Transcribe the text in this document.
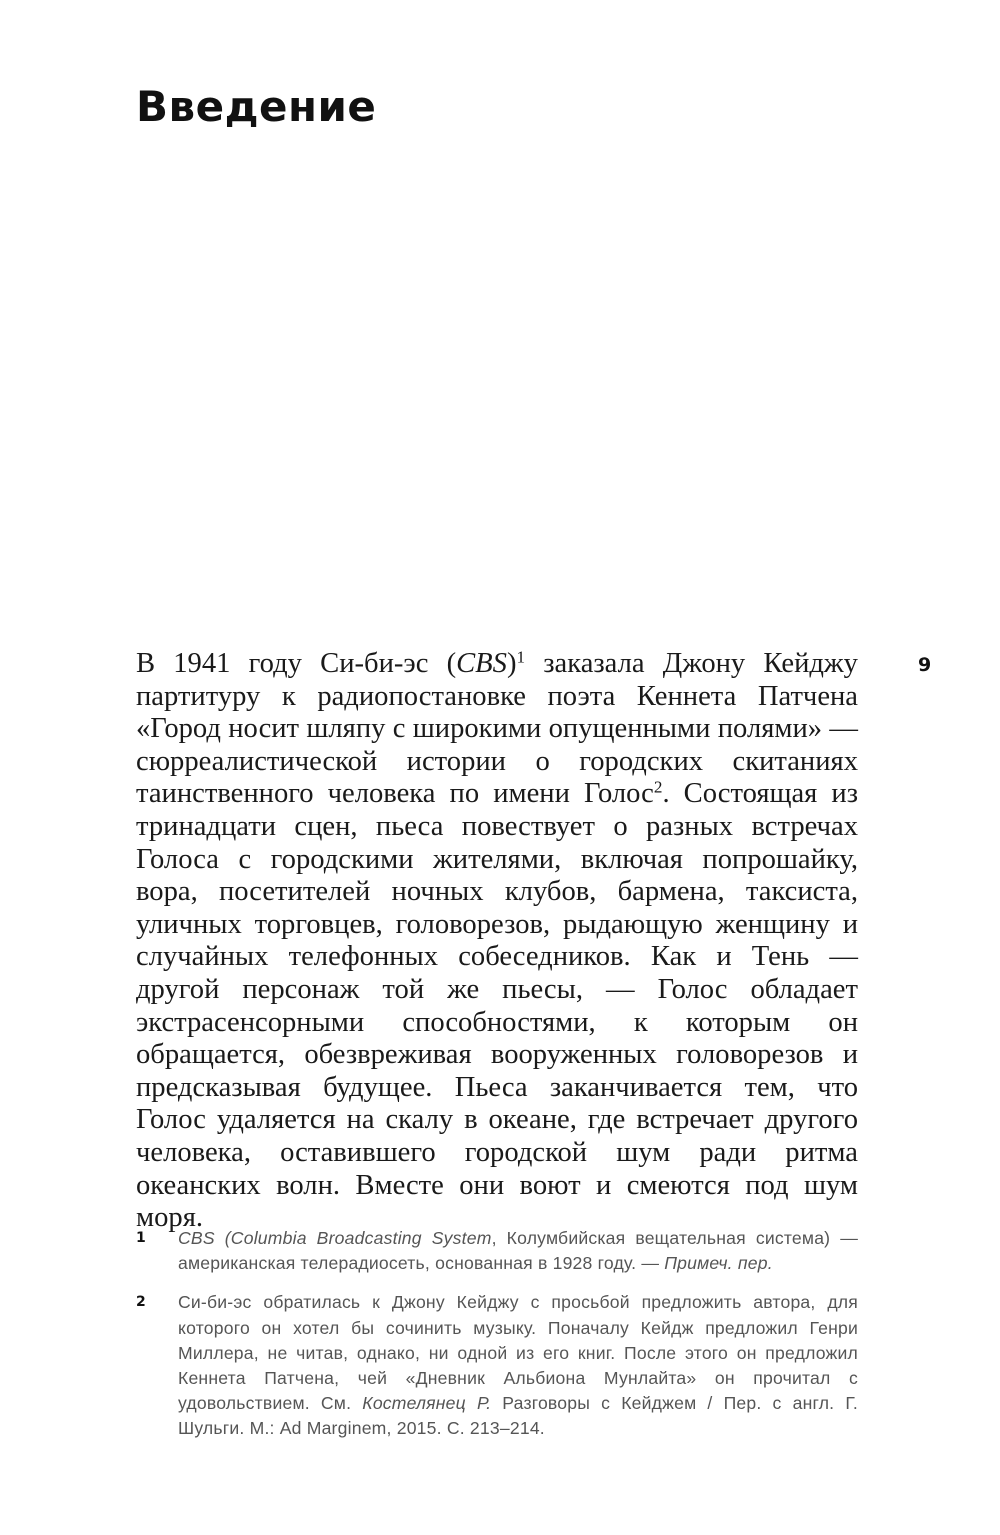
Введение
9

В 1941 году Си-би-эс (CBS)$^1$ заказала Джону Кейджу партитуру к радиопостановке поэта Кеннета Патчена «Город носит шляпу с широкими опущенными полями» — сюрреалистической истории о городских скитаниях таинственного человека по имени Голос$^2$. Состоящая из тринадцати сцен, пьеса повествует о разных встречах Голоса с городскими жителями, включая попрошайку, вора, посетителей ночных клубов, бармена, таксиста, уличных торговцев, головорезов, рыдающую женщину и случайных телефонных собеседников. Как и Тень — другой персонаж той же пьесы, — Голос обладает экстрасенсорными способностями, к которым он обращается, обезвреживая вооруженных головорезов и предсказывая будущее. Пьеса заканчивается тем, что Голос удаляется на скалу в океане, где встречает другого человека, оставившего городской шум ради ритма океанских волн. Вместе они воют и смеются под шум моря.

1	CBS (Columbia Broadcasting System, Колумбийская вещательная система) — американская телерадиосеть, основанная в 1928 году. — Примеч. пер.
2	Си-би-эс обратилась к Джону Кейджу с просьбой предложить автора, для которого он хотел бы сочинить музыку. Поначалу Кейдж предложил Генри Миллера, не читав, однако, ни одной из его книг. После этого он предложил Кеннета Патчена, чей «Дневник Альбиона Мунлайта» он прочитал с удовольствием. См. Костелянец Р. Разговоры с Кейджем / Пер. с англ. Г. Шульги. М.: Ad Marginem, 2015. С. 213–214.
